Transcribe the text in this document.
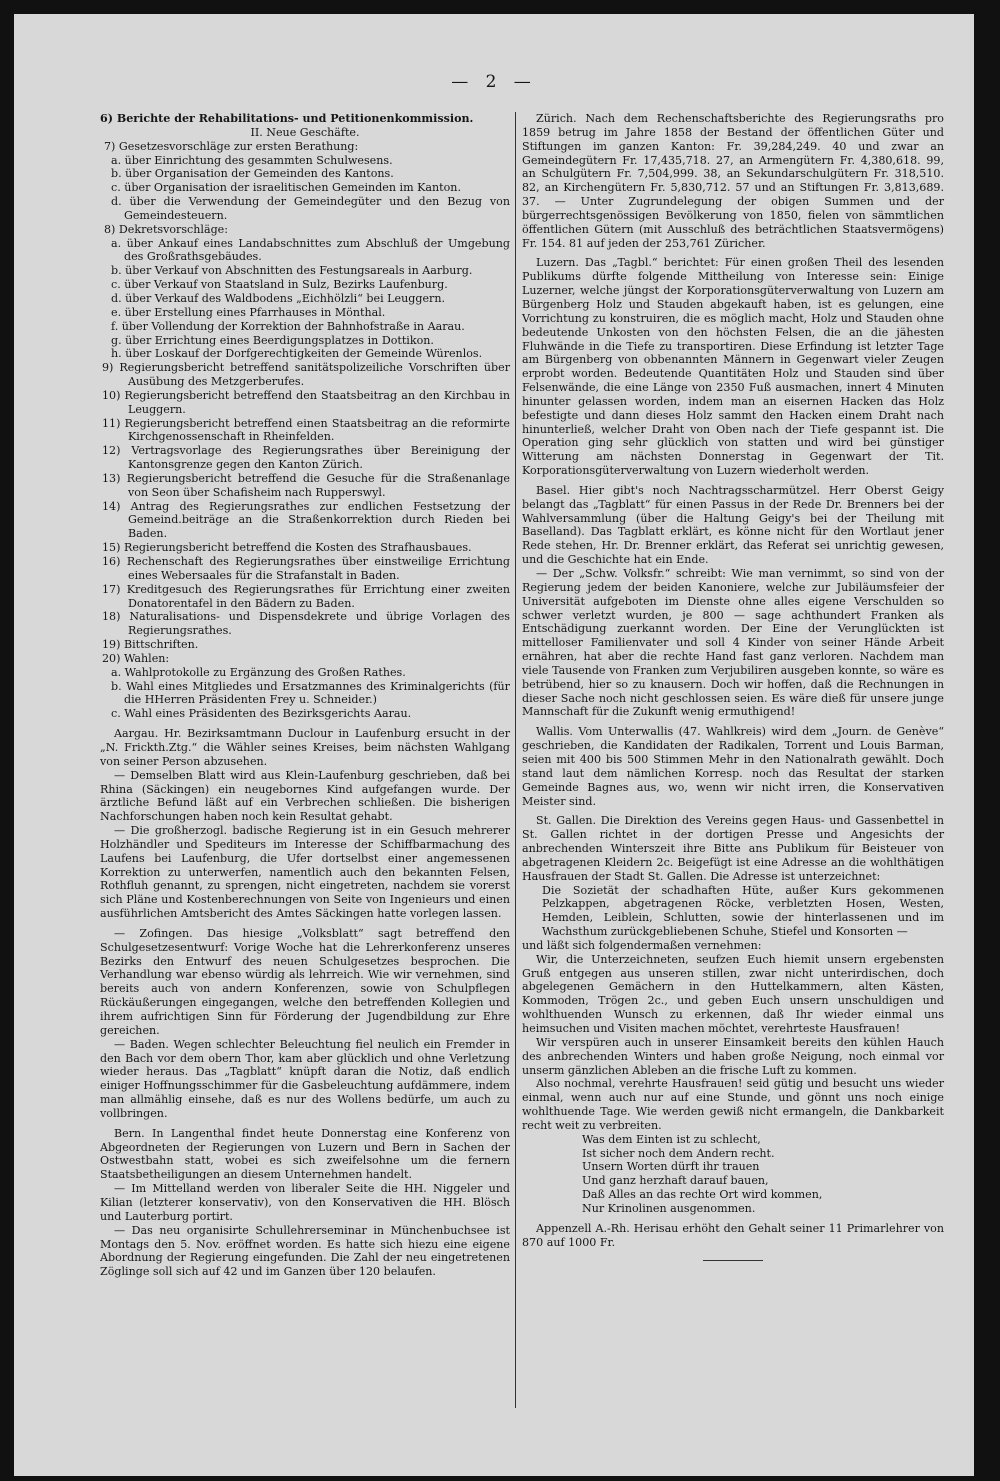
— 2 —

6) Berichte der Rehabilitations- und Petitionenkommission.

II. Neue Geschäfte.

7) Gesetzesvorschläge zur ersten Berathung:

a. über Einrichtung des gesammten Schulwesens.

b. über Organisation der Gemeinden des Kantons.

c. über Organisation der israelitischen Gemeinden im Kanton.

d. über die Verwendung der Gemeindegüter und den Bezug von Gemeindesteuern.

8) Dekretsvorschläge:

a. über Ankauf eines Landabschnittes zum Abschluß der Umgebung des Großrathsgebäudes.

b. über Verkauf von Abschnitten des Festungsareals in Aarburg.

c. über Verkauf von Staatsland in Sulz, Bezirks Laufenburg.

d. über Verkauf des Waldbodens „Eichhölzli“ bei Leuggern.

e. über Erstellung eines Pfarrhauses in Mönthal.

f. über Vollendung der Korrektion der Bahnhofstraße in Aarau.

g. über Errichtung eines Beerdigungsplatzes in Dottikon.

h. über Loskauf der Dorfgerechtigkeiten der Gemeinde Würenlos.

9) Regierungsbericht betreffend sanitätspolizeiliche Vorschriften über Ausübung des Metzgerberufes.

10) Regierungsbericht betreffend den Staatsbeitrag an den Kirchbau in Leuggern.

11) Regierungsbericht betreffend einen Staatsbeitrag an die reformirte Kirchgenossenschaft in Rheinfelden.

12) Vertragsvorlage des Regierungsrathes über Bereinigung der Kantonsgrenze gegen den Kanton Zürich.

13) Regierungsbericht betreffend die Gesuche für die Straßenanlage von Seon über Schafisheim nach Rupperswyl.

14) Antrag des Regierungsrathes zur endlichen Festsetzung der Gemeind.beiträge an die Straßenkorrektion durch Rieden bei Baden.

15) Regierungsbericht betreffend die Kosten des Strafhausbaues.

16) Rechenschaft des Regierungsrathes über einstweilige Errichtung eines Webersaales für die Strafanstalt in Baden.

17) Kreditgesuch des Regierungsrathes für Errichtung einer zweiten Donatorentafel in den Bädern zu Baden.

18) Naturalisations- und Dispensdekrete und übrige Vorlagen des Regierungsrathes.

19) Bittschriften.

20) Wahlen:

a. Wahlprotokolle zu Ergänzung des Großen Rathes.

b. Wahl eines Mitgliedes und Ersatzmannes des Kriminalgerichts (für die HHerren Präsidenten Frey u. Schneider.)

c. Wahl eines Präsidenten des Bezirksgerichts Aarau.

Aargau. Hr. Bezirksamtmann Duclour in Laufenburg ersucht in der „N. Frickth.Ztg.“ die Wähler seines Kreises, beim nächsten Wahlgang von seiner Person abzusehen.

— Demselben Blatt wird aus Klein-Laufenburg geschrieben, daß bei Rhina (Säckingen) ein neugebornes Kind aufgefangen wurde. Der ärztliche Befund läßt auf ein Verbrechen schließen. Die bisherigen Nachforschungen haben noch kein Resultat gehabt.

— Die großherzogl. badische Regierung ist in ein Gesuch mehrerer Holzhändler und Spediteurs im Interesse der Schiffbarmachung des Laufens bei Laufenburg, die Ufer dortselbst einer angemessenen Korrektion zu unterwerfen, namentlich auch den bekannten Felsen, Rothfluh genannt, zu sprengen, nicht eingetreten, nachdem sie vorerst sich Pläne und Kostenberechnungen von Seite von Ingenieurs und einen ausführlichen Amtsbericht des Amtes Säckingen hatte vorlegen lassen.

— Zofingen. Das hiesige „Volksblatt“ sagt betreffend den Schulgesetzesentwurf: Vorige Woche hat die Lehrerkonferenz unseres Bezirks den Entwurf des neuen Schulgesetzes besprochen. Die Verhandlung war ebenso würdig als lehrreich. Wie wir vernehmen, sind bereits auch von andern Konferenzen, sowie von Schulpflegen Rückäußerungen eingegangen, welche den betreffenden Kollegien und ihrem aufrichtigen Sinn für Förderung der Jugendbildung zur Ehre gereichen.

— Baden. Wegen schlechter Beleuchtung fiel neulich ein Fremder in den Bach vor dem obern Thor, kam aber glücklich und ohne Verletzung wieder heraus. Das „Tagblatt“ knüpft daran die Notiz, daß endlich einiger Hoffnungsschimmer für die Gasbeleuchtung aufdämmere, indem man allmählig einsehe, daß es nur des Wollens bedürfe, um auch zu vollbringen.

Bern. In Langenthal findet heute Donnerstag eine Konferenz von Abgeordneten der Regierungen von Luzern und Bern in Sachen der Ostwestbahn statt, wobei es sich zweifelsohne um die fernern Staatsbetheiligungen an diesem Unternehmen handelt.

— Im Mittelland werden von liberaler Seite die HH. Niggeler und Kilian (letzterer konservativ), von den Konservativen die HH. Blösch und Lauterburg portirt.

— Das neu organisirte Schullehrerseminar in Münchenbuchsee ist Montags den 5. Nov. eröffnet worden. Es hatte sich hiezu eine eigene Abordnung der Regierung eingefunden. Die Zahl der neu eingetretenen Zöglinge soll sich auf 42 und im Ganzen über 120 belaufen.

Zürich. Nach dem Rechenschaftsberichte des Regierungsraths pro 1859 betrug im Jahre 1858 der Bestand der öffentlichen Güter und Stiftungen im ganzen Kanton: Fr. 39,284,249. 40 und zwar an Gemeindegütern Fr. 17,435,718. 27, an Armengütern Fr. 4,380,618. 99, an Schulgütern Fr. 7,504,999. 38, an Sekundarschulgütern Fr. 318,510. 82, an Kirchengütern Fr. 5,830,712. 57 und an Stiftungen Fr. 3,813,689. 37. — Unter Zugrundelegung der obigen Summen und der bürgerrechtsgenössigen Bevölkerung von 1850, fielen von sämmtlichen öffentlichen Gütern (mit Ausschluß des beträchtlichen Staatsvermögens) Fr. 154. 81 auf jeden der 253,761 Züricher.

Luzern. Das „Tagbl.“ berichtet: Für einen großen Theil des lesenden Publikums dürfte folgende Mittheilung von Interesse sein: Einige Luzerner, welche jüngst der Korporationsgüterverwaltung von Luzern am Bürgenberg Holz und Stauden abgekauft haben, ist es gelungen, eine Vorrichtung zu konstruiren, die es möglich macht, Holz und Stauden ohne bedeutende Unkosten von den höchsten Felsen, die an die jähesten Fluhwände in die Tiefe zu transportiren. Diese Erfindung ist letzter Tage am Bürgenberg von obbenannten Männern in Gegenwart vieler Zeugen erprobt worden. Bedeutende Quantitäten Holz und Stauden sind über Felsenwände, die eine Länge von 2350 Fuß ausmachen, innert 4 Minuten hinunter gelassen worden, indem man an eisernen Hacken das Holz befestigte und dann dieses Holz sammt den Hacken einem Draht nach hinunterließ, welcher Draht von Oben nach der Tiefe gespannt ist. Die Operation ging sehr glücklich von statten und wird bei günstiger Witterung am nächsten Donnerstag in Gegenwart der Tit. Korporationsgüterverwaltung von Luzern wiederholt werden.

Basel. Hier gibt's noch Nachtragsscharmützel. Herr Oberst Geigy belangt das „Tagblatt“ für einen Passus in der Rede Dr. Brenners bei der Wahlversammlung (über die Haltung Geigy's bei der Theilung mit Baselland). Das Tagblatt erklärt, es könne nicht für den Wortlaut jener Rede stehen, Hr. Dr. Brenner erklärt, das Referat sei unrichtig gewesen, und die Geschichte hat ein Ende.

— Der „Schw. Volksfr.“ schreibt: Wie man vernimmt, so sind von der Regierung jedem der beiden Kanoniere, welche zur Jubiläumsfeier der Universität aufgeboten im Dienste ohne alles eigene Verschulden so schwer verletzt wurden, je 800 — sage achthundert Franken als Entschädigung zuerkannt worden. Der Eine der Verunglückten ist mittelloser Familienvater und soll 4 Kinder von seiner Hände Arbeit ernähren, hat aber die rechte Hand fast ganz verloren. Nachdem man viele Tausende von Franken zum Verjubiliren ausgeben konnte, so wäre es betrübend, hier so zu knausern. Doch wir hoffen, daß die Rechnungen in dieser Sache noch nicht geschlossen seien. Es wäre dieß für unsere junge Mannschaft für die Zukunft wenig ermuthigend!

Wallis. Vom Unterwallis (47. Wahlkreis) wird dem „Journ. de Genève“ geschrieben, die Kandidaten der Radikalen, Torrent und Louis Barman, seien mit 400 bis 500 Stimmen Mehr in den Nationalrath gewählt. Doch stand laut dem nämlichen Korresp. noch das Resultat der starken Gemeinde Bagnes aus, wo, wenn wir nicht irren, die Konservativen Meister sind.

St. Gallen. Die Direktion des Vereins gegen Haus- und Gassenbettel in St. Gallen richtet in der dortigen Presse und Angesichts der anbrechenden Winterszeit ihre Bitte ans Publikum für Beisteuer von abgetragenen Kleidern 2c. Beigefügt ist eine Adresse an die wohlthätigen Hausfrauen der Stadt St. Gallen. Die Adresse ist unterzeichnet:

Die Sozietät der schadhaften Hüte, außer Kurs gekommenen Pelzkappen, abgetragenen Röcke, verbletzten Hosen, Westen, Hemden, Leiblein, Schlutten, sowie der hinterlassenen und im Wachsthum zurückgebliebenen Schuhe, Stiefel und Konsorten —

und läßt sich folgendermaßen vernehmen:

Wir, die Unterzeichneten, seufzen Euch hiemit unsern ergebensten Gruß entgegen aus unseren stillen, zwar nicht unterirdischen, doch abgelegenen Gemächern in den Huttelkammern, alten Kästen, Kommoden, Trögen 2c., und geben Euch unsern unschuldigen und wohlthuenden Wunsch zu erkennen, daß Ihr wieder einmal uns heimsuchen und Visiten machen möchtet, verehrteste Hausfrauen!

Wir verspüren auch in unserer Einsamkeit bereits den kühlen Hauch des anbrechenden Winters und haben große Neigung, noch einmal vor unserm gänzlichen Ableben an die frische Luft zu kommen.

Also nochmal, verehrte Hausfrauen! seid gütig und besucht uns wieder einmal, wenn auch nur auf eine Stunde, und gönnt uns noch einige wohlthuende Tage. Wie werden gewiß nicht ermangeln, die Dankbarkeit recht weit zu verbreiten.

Was dem Einten ist zu schlecht,

Ist sicher noch dem Andern recht.

Unsern Worten dürft ihr trauen

Und ganz herzhaft darauf bauen,

Daß Alles an das rechte Ort wird kommen,

Nur Krinolinen ausgenommen.

Appenzell A.-Rh. Herisau erhöht den Gehalt seiner 11 Primarlehrer von 870 auf 1000 Fr.
